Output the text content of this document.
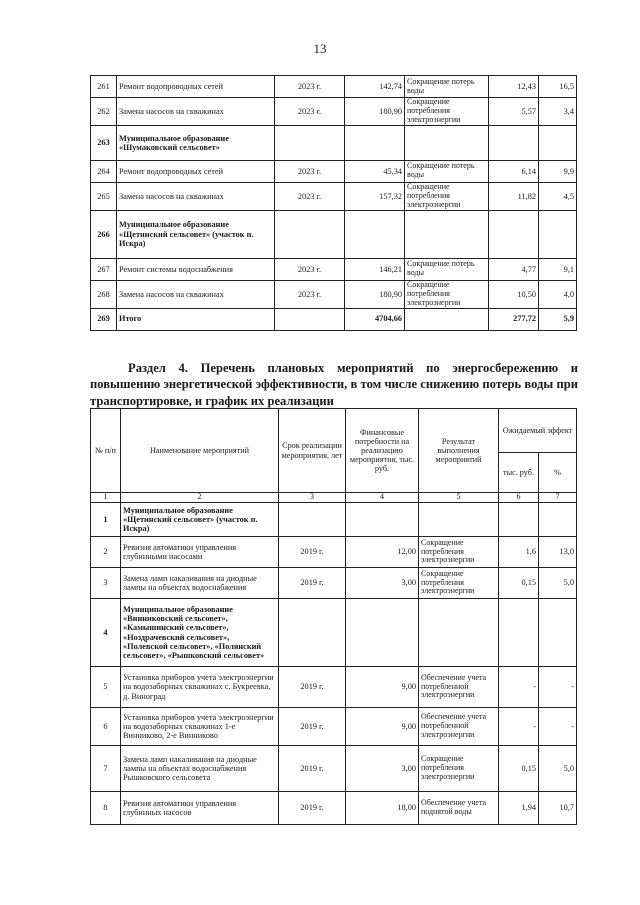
13
261	Ремонт водопроводных сетей	2023 г.	142,74	Сокращение потерь воды	12,43	16,5
262	Замена насосов на скважинах	2023 г.	180,90	Сокращение потребления электроэнергии	5,57	3,4
263	Муниципальное образование «Шумаковский сельсовет»					
264	Ремонт водопроводных сетей	2023 г.	45,34	Сокращение потерь воды	6,14	9,9
265	Замена насосов на скважинах	2023 г.	157,32	Сокращение потребления электроэнергии	11,82	4,5
266	Муниципальное образование «Щетинский сельсовет» (участок п. Искра)					
267	Ремонт системы водоснабжения	2023 г.	146,21	Сокращение потерь воды	4,77	9,1
268	Замена насосов на скважинах	2023 г.	180,90	Сокращение потребления электроэнергии	10,50	4,0
269	Итого		4704,66		277,72	5,9
Раздел 4. Перечень плановых мероприятий по энергосбережению и повышению энергетической эффективности, в том числе снижению потерь воды при транспортировке, и график их реализации
№ п/п	Наименование мероприятий	Срок реализации мероприятия, лет	Финансовые потребности на реализацию мероприятия, тыс. руб.	Результат выполнения мероприятий	Ожидаемый эффект	
					тыс. руб.	%
1	2	3	4	5	6	7
1	Муниципальное образование «Щетинский сельсовет» (участок п. Искра)					
2	Ревизия автоматики управления глубинными насосами	2019 г.	12,00	Сокращение потребления электроэнергии	1,6	13,0
3	Замена ламп накаливания на диодные лампы на объектах водоснабжения	2019 г.	3,00	Сокращение потребления электроэнергии	0,15	5,0
4	Муниципальное образование «Винниковский сельсовет», «Камышинский сельсовет», «Ноздрачевский сельсовет», «Полевской сельсовет», «Полянский сельсовет», «Рышковский сельсовет»					
5	Установка приборов учета электроэнергии на водозаборных скважинах с. Букреевка, д. Виноград	2019 г.	9,00	Обеспечение учета потребленной электроэнергии	-	-
6	Установка приборов учета электроэнергии на водозаборных скважинах 1-е Винниково, 2-е Винниково	2019 г.	9,00	Обеспечение учета потребленной электроэнергии	-	-
7	Замена ламп накаливания на диодные лампы на объектах водоснабжения Рышковского сельсовета	2019 г.	3,00	Сокращение потребления электроэнергии	0,15	5,0
8	Ревизия автоматики управления глубинных насосов	2019 г.	18,00	Обеспечение учета поднятой воды	1,94	10,7
